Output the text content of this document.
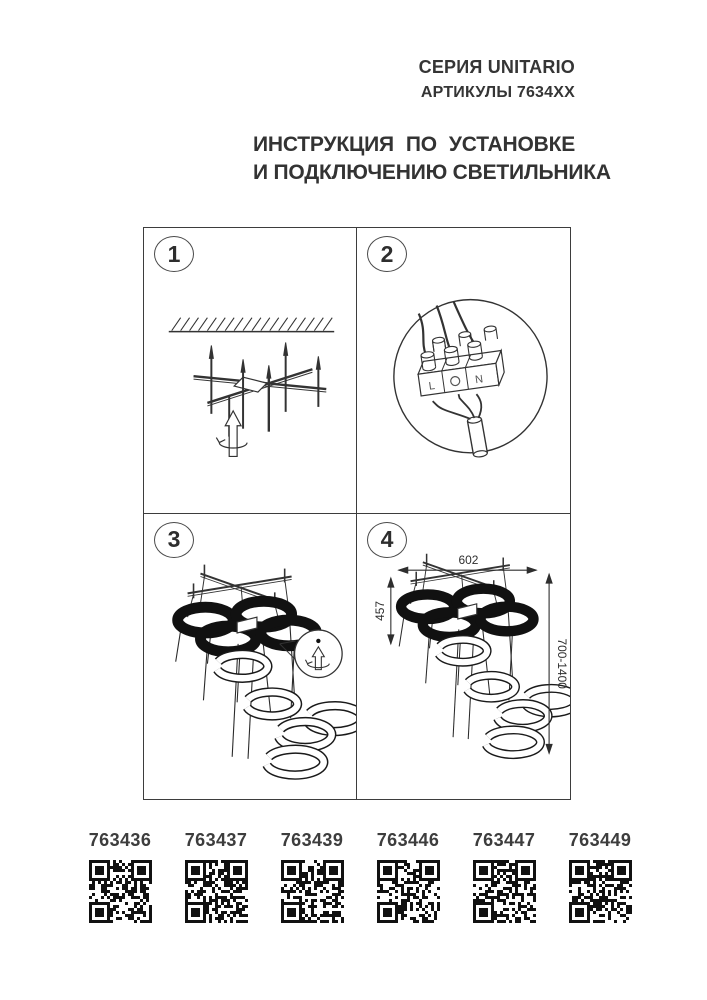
СЕРИЯ UNITARIO
АРТИКУЛЫ 7634XX
ИНСТРУКЦИЯ ПО УСТАНОВКЕ
И ПОДКЛЮЧЕНИЮ СВЕТИЛЬНИКА
1	2
L
N
3	4
602
457
700-1400
763436 763437 763439 763446 763447 763449
